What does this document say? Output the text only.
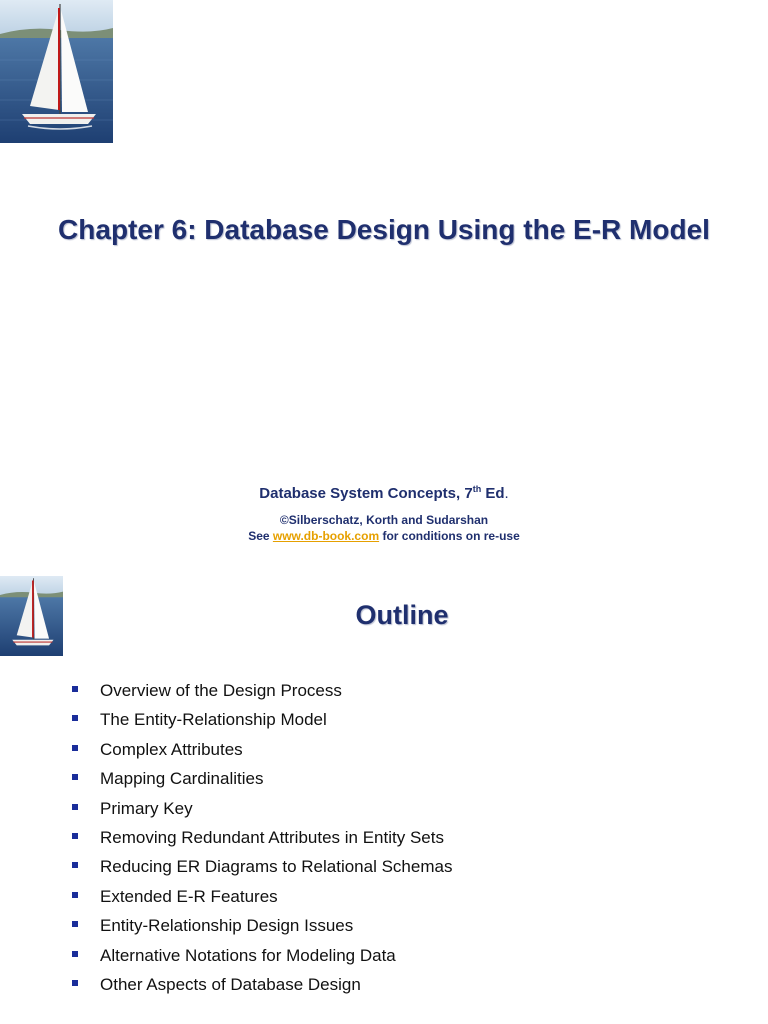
Chapter 6: Database Design Using the E-R Model
Database System Concepts, 7th Ed.
©Silberschatz, Korth and Sudarshan
See www.db-book.com for conditions on re-use
Outline
Overview of the Design Process
The Entity-Relationship Model
Complex Attributes
Mapping Cardinalities
Primary Key
Removing Redundant Attributes in Entity Sets
Reducing ER Diagrams to Relational Schemas
Extended E-R Features
Entity-Relationship Design Issues
Alternative Notations for Modeling Data
Other Aspects of Database Design
